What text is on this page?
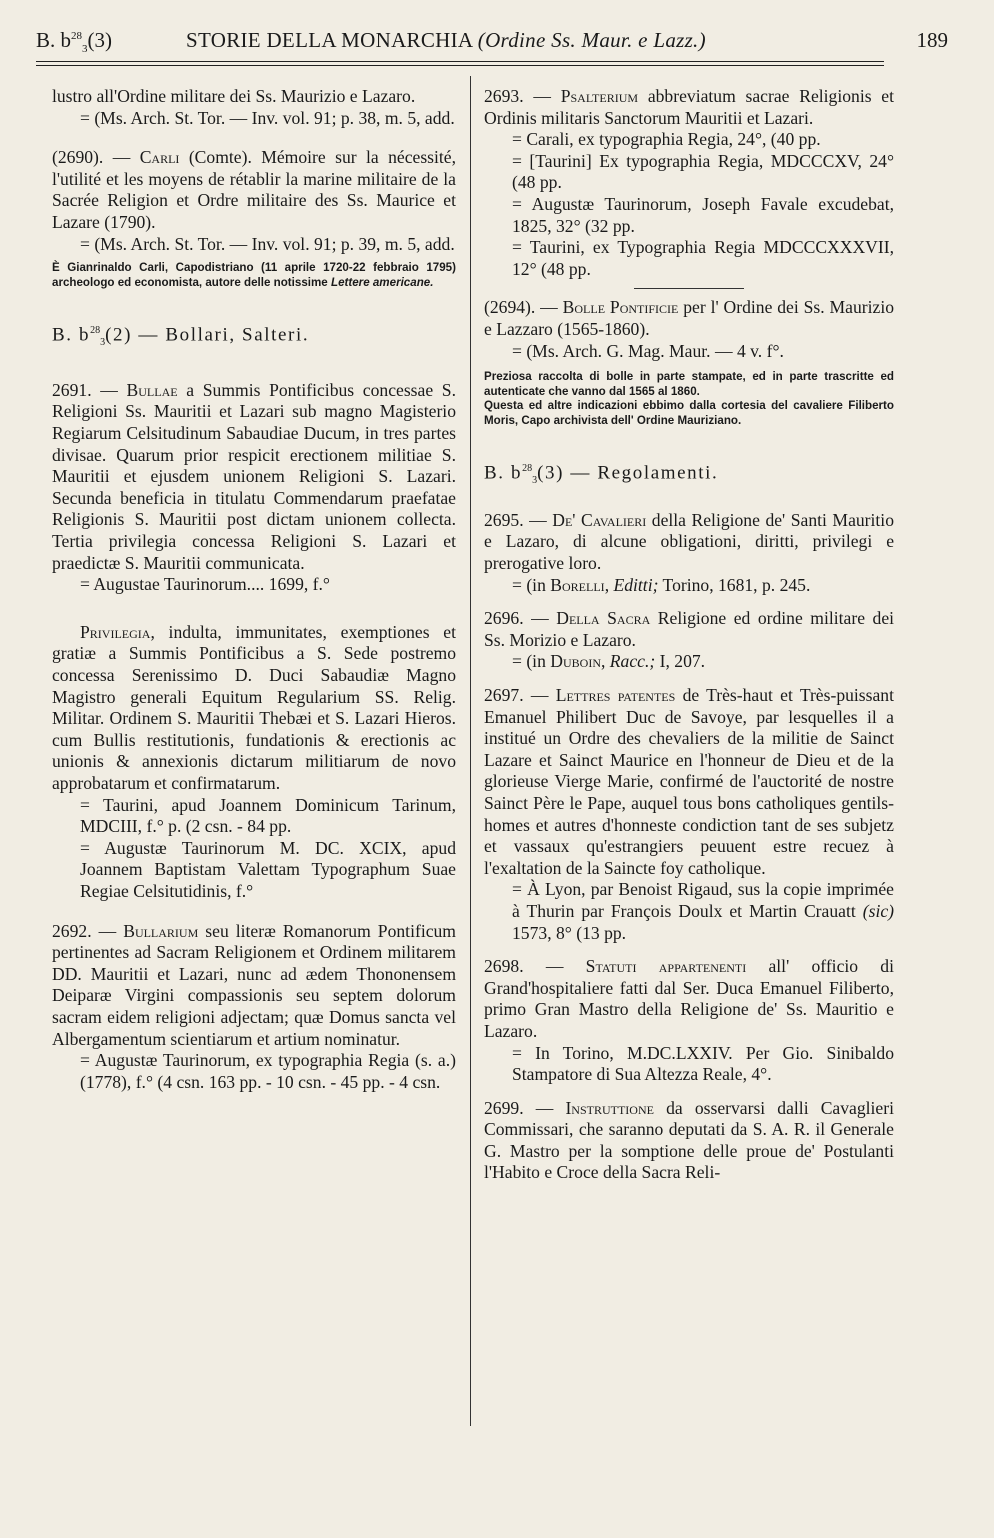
B. $b^{28}_3(3)$	STORIE DELLA MONARCHIA (Ordine Ss. Maur. e Lazz.)	189

lustro all'Ordine militare dei Ss. Maurizio e Lazaro.

= (Ms. Arch. St. Tor. — Inv. vol. 91; p. 38, m. 5, add.

(2690). — Carli (Comte). Mémoire sur la nécessité, l'utilité et les moyens de rétablir la marine militaire de la Sacrée Religion et Ordre militaire des Ss. Maurice et Lazare (1790).

= (Ms. Arch. St. Tor. — Inv. vol. 91; p. 39, m. 5, add.

È Gianrinaldo Carli, Capodistriano (11 aprile 1720-22 febbraio 1795) archeologo ed economista, autore delle notissime Lettere americane.

B. $b^{28}_3(2)$ — Bollari, Salteri.

2691. — Bullae a Summis Pontificibus concessae S. Religioni Ss. Mauritii et Lazari sub magno Magisterio Regiarum Celsitudinum Sabaudiae Ducum, in tres partes divisae. Quarum prior respicit erectionem militiae S. Mauritii et ejusdem unionem Religioni S. Lazari. Secunda beneficia in titulatu Commendarum praefatae Religionis S. Mauritii post dictam unionem collecta. Tertia privilegia concessa Religioni S. Lazari et praedictæ S. Mauritii communicata.

= Augustae Taurinorum.... 1699, f.°

Privilegia, indulta, immunitates, exemptiones et gratiæ a Summis Pontificibus a S. Sede postremo concessa Serenissimo D. Duci Sabaudiæ Magno Magistro generali Equitum Regularium SS. Relig. Militar. Ordinem S. Mauritii Thebæi et S. Lazari Hieros. cum Bullis restitutionis, fundationis & erectionis ac unionis & annexionis dictarum militiarum de novo approbatarum et confirmatarum.

= Taurini, apud Joannem Dominicum Tarinum, MDCIII, f.° p. (2 csn. - 84 pp.

= Augustæ Taurinorum M. DC. XCIX, apud Joannem Baptistam Valettam Typographum Suae Regiae Celsitutidinis, f.°

2692. — Bullarium seu literæ Romanorum Pontificum pertinentes ad Sacram Religionem et Ordinem militarem DD. Mauritii et Lazari, nunc ad ædem Thononensem Deiparæ Virgini compassionis seu septem dolorum sacram eidem religioni adjectam; quæ Domus sancta vel Albergamentum scientiarum et artium nominatur.

= Augustæ Taurinorum, ex typographia Regia (s. a.) (1778), f.° (4 csn. 163 pp. - 10 csn. - 45 pp. - 4 csn.

2693. — Psalterium abbreviatum sacrae Religionis et Ordinis militaris Sanctorum Mauritii et Lazari.

= Carali, ex typographia Regia, 24°, (40 pp.

= [Taurini] Ex typographia Regia, MDCCCXV, 24° (48 pp.

= Augustæ Taurinorum, Joseph Favale excudebat, 1825, 32° (32 pp.

= Taurini, ex Typographia Regia MDCCCXXXVII, 12° (48 pp.

(2694). — Bolle Pontificie per l' Ordine dei Ss. Maurizio e Lazzaro (1565-1860).

= (Ms. Arch. G. Mag. Maur. — 4 v. f°.

Preziosa raccolta di bolle in parte stampate, ed in parte trascritte ed autenticate che vanno dal 1565 al 1860.

Questa ed altre indicazioni ebbimo dalla cortesia del cavaliere Filiberto Moris, Capo archivista dell' Ordine Mauriziano.

B. $b^{28}_3(3)$ — Regolamenti.

2695. — De' Cavalieri della Religione de' Santi Mauritio e Lazaro, di alcune obligationi, diritti, privilegi e prerogative loro.

= (in Borelli, Editti; Torino, 1681, p. 245.

2696. — Della Sacra Religione ed ordine militare dei Ss. Morizio e Lazaro.

= (in Duboin, Racc.; I, 207.

2697. — Lettres patentes de Très-haut et Très-puissant Emanuel Philibert Duc de Savoye, par lesquelles il a institué un Ordre des chevaliers de la militie de Sainct Lazare et Sainct Maurice en l'honneur de Dieu et de la glorieuse Vierge Marie, confirmé de l'auctorité de nostre Sainct Père le Pape, auquel tous bons catholiques gentils-homes et autres d'honneste condiction tant de ses subjetz et vassaux qu'estrangiers peuuent estre recuez à l'exaltation de la Saincte foy catholique.

= À Lyon, par Benoist Rigaud, sus la copie imprimée à Thurin par François Doulx et Martin Crauatt (sic) 1573, 8° (13 pp.

2698. — Statuti appartenenti all' officio di Grand'hospitaliere fatti dal Ser. Duca Emanuel Filiberto, primo Gran Mastro della Religione de' Ss. Mauritio e Lazaro.

= In Torino, M.DC.LXXIV. Per Gio. Sinibaldo Stampatore di Sua Altezza Reale, 4°.

2699. — Instruttione da osservarsi dalli Cavaglieri Commissari, che saranno deputati da S. A. R. il Generale G. Mastro per la somptione delle proue de' Postulanti l'Habito e Croce della Sacra Reli-
